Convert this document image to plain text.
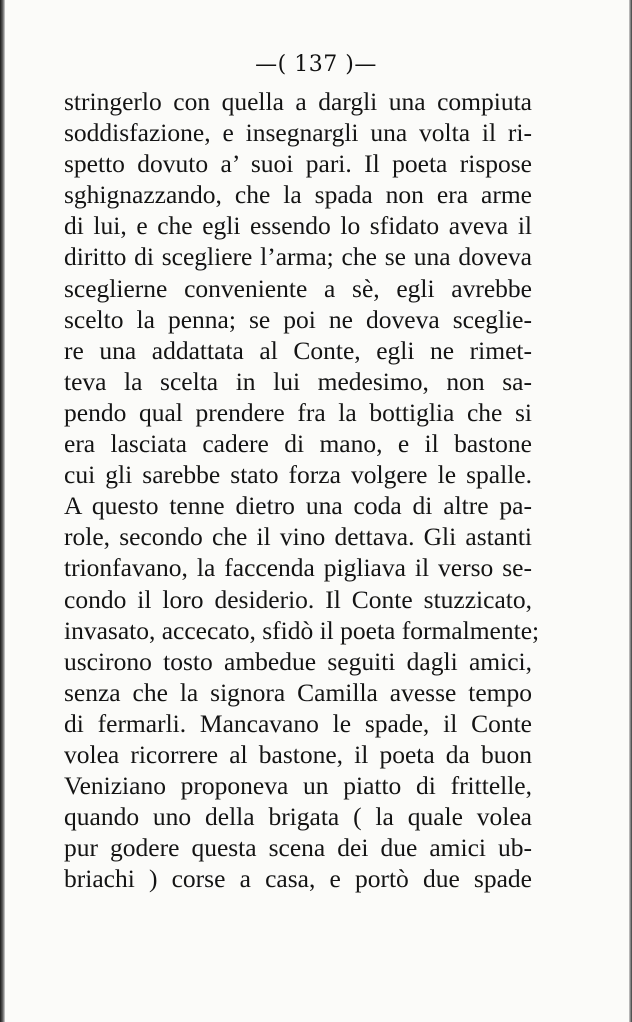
—( 137 )—
stringerlo con quella a dargli una compiuta
soddisfazione, e insegnargli una volta il ri-
spetto dovuto a’ suoi pari. Il poeta rispose
sghignazzando, che la spada non era arme
di lui, e che egli essendo lo sfidato aveva il
diritto di scegliere l’arma; che se una doveva
sceglierne conveniente a sè, egli avrebbe
scelto la penna; se poi ne doveva sceglie-
re una addattata al Conte, egli ne rimet-
teva la scelta in lui medesimo, non sa-
pendo qual prendere fra la bottiglia che si
era lasciata cadere di mano, e il bastone
cui gli sarebbe stato forza volgere le spalle.
A questo tenne dietro una coda di altre pa-
role, secondo che il vino dettava. Gli astanti
trionfavano, la faccenda pigliava il verso se-
condo il loro desiderio. Il Conte stuzzicato,
invasato, accecato, sfidò il poeta formalmente;
uscirono tosto ambedue seguiti dagli amici,
senza che la signora Camilla avesse tempo
di fermarli. Mancavano le spade, il Conte
volea ricorrere al bastone, il poeta da buon
Veniziano proponeva un piatto di frittelle,
quando uno della brigata ( la quale volea
pur godere questa scena dei due amici ub-
briachi ) corse a casa, e portò due spade
